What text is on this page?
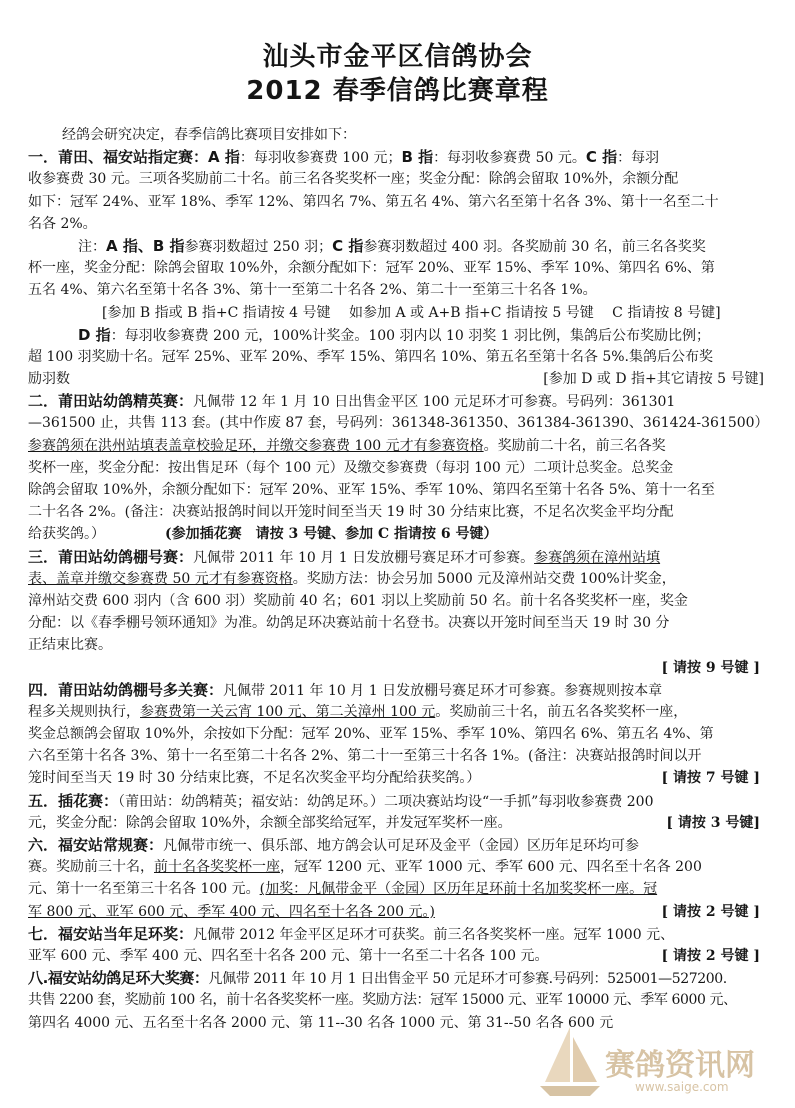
汕头市金平区信鸽协会
2012 春季信鸽比赛章程
经鸽会研究决定，春季信鸽比赛项目安排如下：
一．莆田、福安站指定赛：A 指：每羽收参赛费 100 元；B 指：每羽收参赛费 50 元。C 指：每羽
收参赛费 30 元。三项各奖励前二十名。前三名各奖奖杯一座；奖金分配：除鸽会留取 10%外，余额分配
如下：冠军 24%、亚军 18%、季军 12%、第四名 7%、第五名 4%、第六名至第十名各 3%、第十一名至二十
名各 2%。
注：A 指、B 指参赛羽数超过 250 羽；C 指参赛羽数超过 400 羽。各奖励前 30 名，前三名各奖奖
杯一座，奖金分配：除鸽会留取 10%外，余额分配如下：冠军 20%、亚军 15%、季军 10%、第四名 6%、第
五名 4%、第六名至第十名各 3%、第十一至第二十名各 2%、第二十一至第三十名各 1%。
[参加 B 指或 B 指+C 指请按 4 号键　 如参加 A 或 A+B 指+C 指请按 5 号键　 C 指请按 8 号键]
D 指：每羽收参赛费 200 元，100%计奖金。100 羽内以 10 羽奖 1 羽比例，集鸽后公布奖励比例；
超 100 羽奖励十名。冠军 25%、亚军 20%、季军 15%、第四名 10%、第五名至第十名各 5%.集鸽后公布奖
励羽数	[参加 D 或 D 指+其它请按 5 号键]
二．莆田站幼鸽精英赛：凡佩带 12 年 1 月 10 日出售金平区 100 元足环才可参赛。号码列：361301
—361500 止，共售 113 套。(其中作废 87 套，号码列：361348-361350、361384-361390、361424-361500）
参赛鸽须在洪州站填表盖章校验足环，并缴交参赛费 100 元才有参赛资格。奖励前二十名，前三名各奖
奖杯一座，奖金分配：按出售足环（每个 100 元）及缴交参赛费（每羽 100 元）二项计总奖金。总奖金
除鸽会留取 10%外，余额分配如下：冠军 20%、亚军 15%、季军 10%、第四名至第十名各 5%、第十一名至
二十名各 2%。(备注：决赛站报鸽时间以开笼时间至当天 19 时 30 分结束比赛，不足名次奖金平均分配
给获奖鸽。）	(参加插花赛　请按 3 号键、参加 C 指请按 6 号键）
三．莆田站幼鸽棚号赛：凡佩带 2011 年 10 月 1 日发放棚号赛足环才可参赛。参赛鸽须在漳州站填
表、盖章并缴交参赛费 50 元才有参赛资格。奖励方法：协会另加 5000 元及漳州站交费 100%计奖金，
漳州站交费 600 羽内（含 600 羽）奖励前 40 名；601 羽以上奖励前 50 名。前十名各奖奖杯一座，奖金
分配：以《春季棚号领环通知》为准。幼鸽足环决赛站前十名登书。决赛以开笼时间至当天 19 时 30 分
正结束比赛。
[ 请按 9 号键 ]
四．莆田站幼鸽棚号多关赛：凡佩带 2011 年 10 月 1 日发放棚号赛足环才可参赛。参赛规则按本章
程多关规则执行，参赛费第一关云宵 100 元、第二关漳州 100 元。奖励前三十名，前五名各奖奖杯一座，
奖金总额鸽会留取 10%外，余按如下分配：冠军 20%、亚军 15%、季军 10%、第四名 6%、第五名 4%、第
六名至第十名各 3%、第十一名至第二十名各 2%、第二十一至第三十名各 1%。(备注：决赛站报鸽时间以开
笼时间至当天 19 时 30 分结束比赛，不足名次奖金平均分配给获奖鸽。）	[ 请按 7 号键 ]
五．插花赛：（莆田站：幼鸽精英；福安站：幼鸽足环。）二项决赛站均设“一手抓”每羽收参赛费 200
元，奖金分配：除鸽会留取 10%外，余额全部奖给冠军，并发冠军奖杯一座。	[ 请按 3 号键]
六．福安站常规赛：凡佩带市统一、俱乐部、地方鸽会认可足环及金平（金园）区历年足环均可参
赛。奖励前三十名，前十名各奖奖杯一座，冠军 1200 元、亚军 1000 元、季军 600 元、四名至十名各 200
元、第十一名至第三十名各 100 元。(加奖：凡佩带金平（金园）区历年足环前十名加奖奖杯一座。冠
军 800 元、亚军 600 元、季军 400 元、四名至十名各 200 元。)	[ 请按 2 号键 ]
七．福安站当年足环奖：凡佩带 2012 年金平区足环才可获奖。前三名各奖奖杯一座。冠军 1000 元、
亚军 600 元、季军 400 元、四名至十名各 200 元、第十一名至二十名各 100 元。	[ 请按 2 号键 ]
八.福安站幼鸽足环大奖赛：凡佩带 2011 年 10 月 1 日出售金平 50 元足环才可参赛.号码列：525001—527200.
共售 2200 套，奖励前 100 名，前十名各奖奖杯一座。奖励方法：冠军 15000 元、亚军 10000 元、季军 6000 元、
第四名 4000 元、五名至十名各 2000 元、第 11--30 名各 1000 元、第 31--50 名各 600 元
赛鸽资讯网
www.saige.com
